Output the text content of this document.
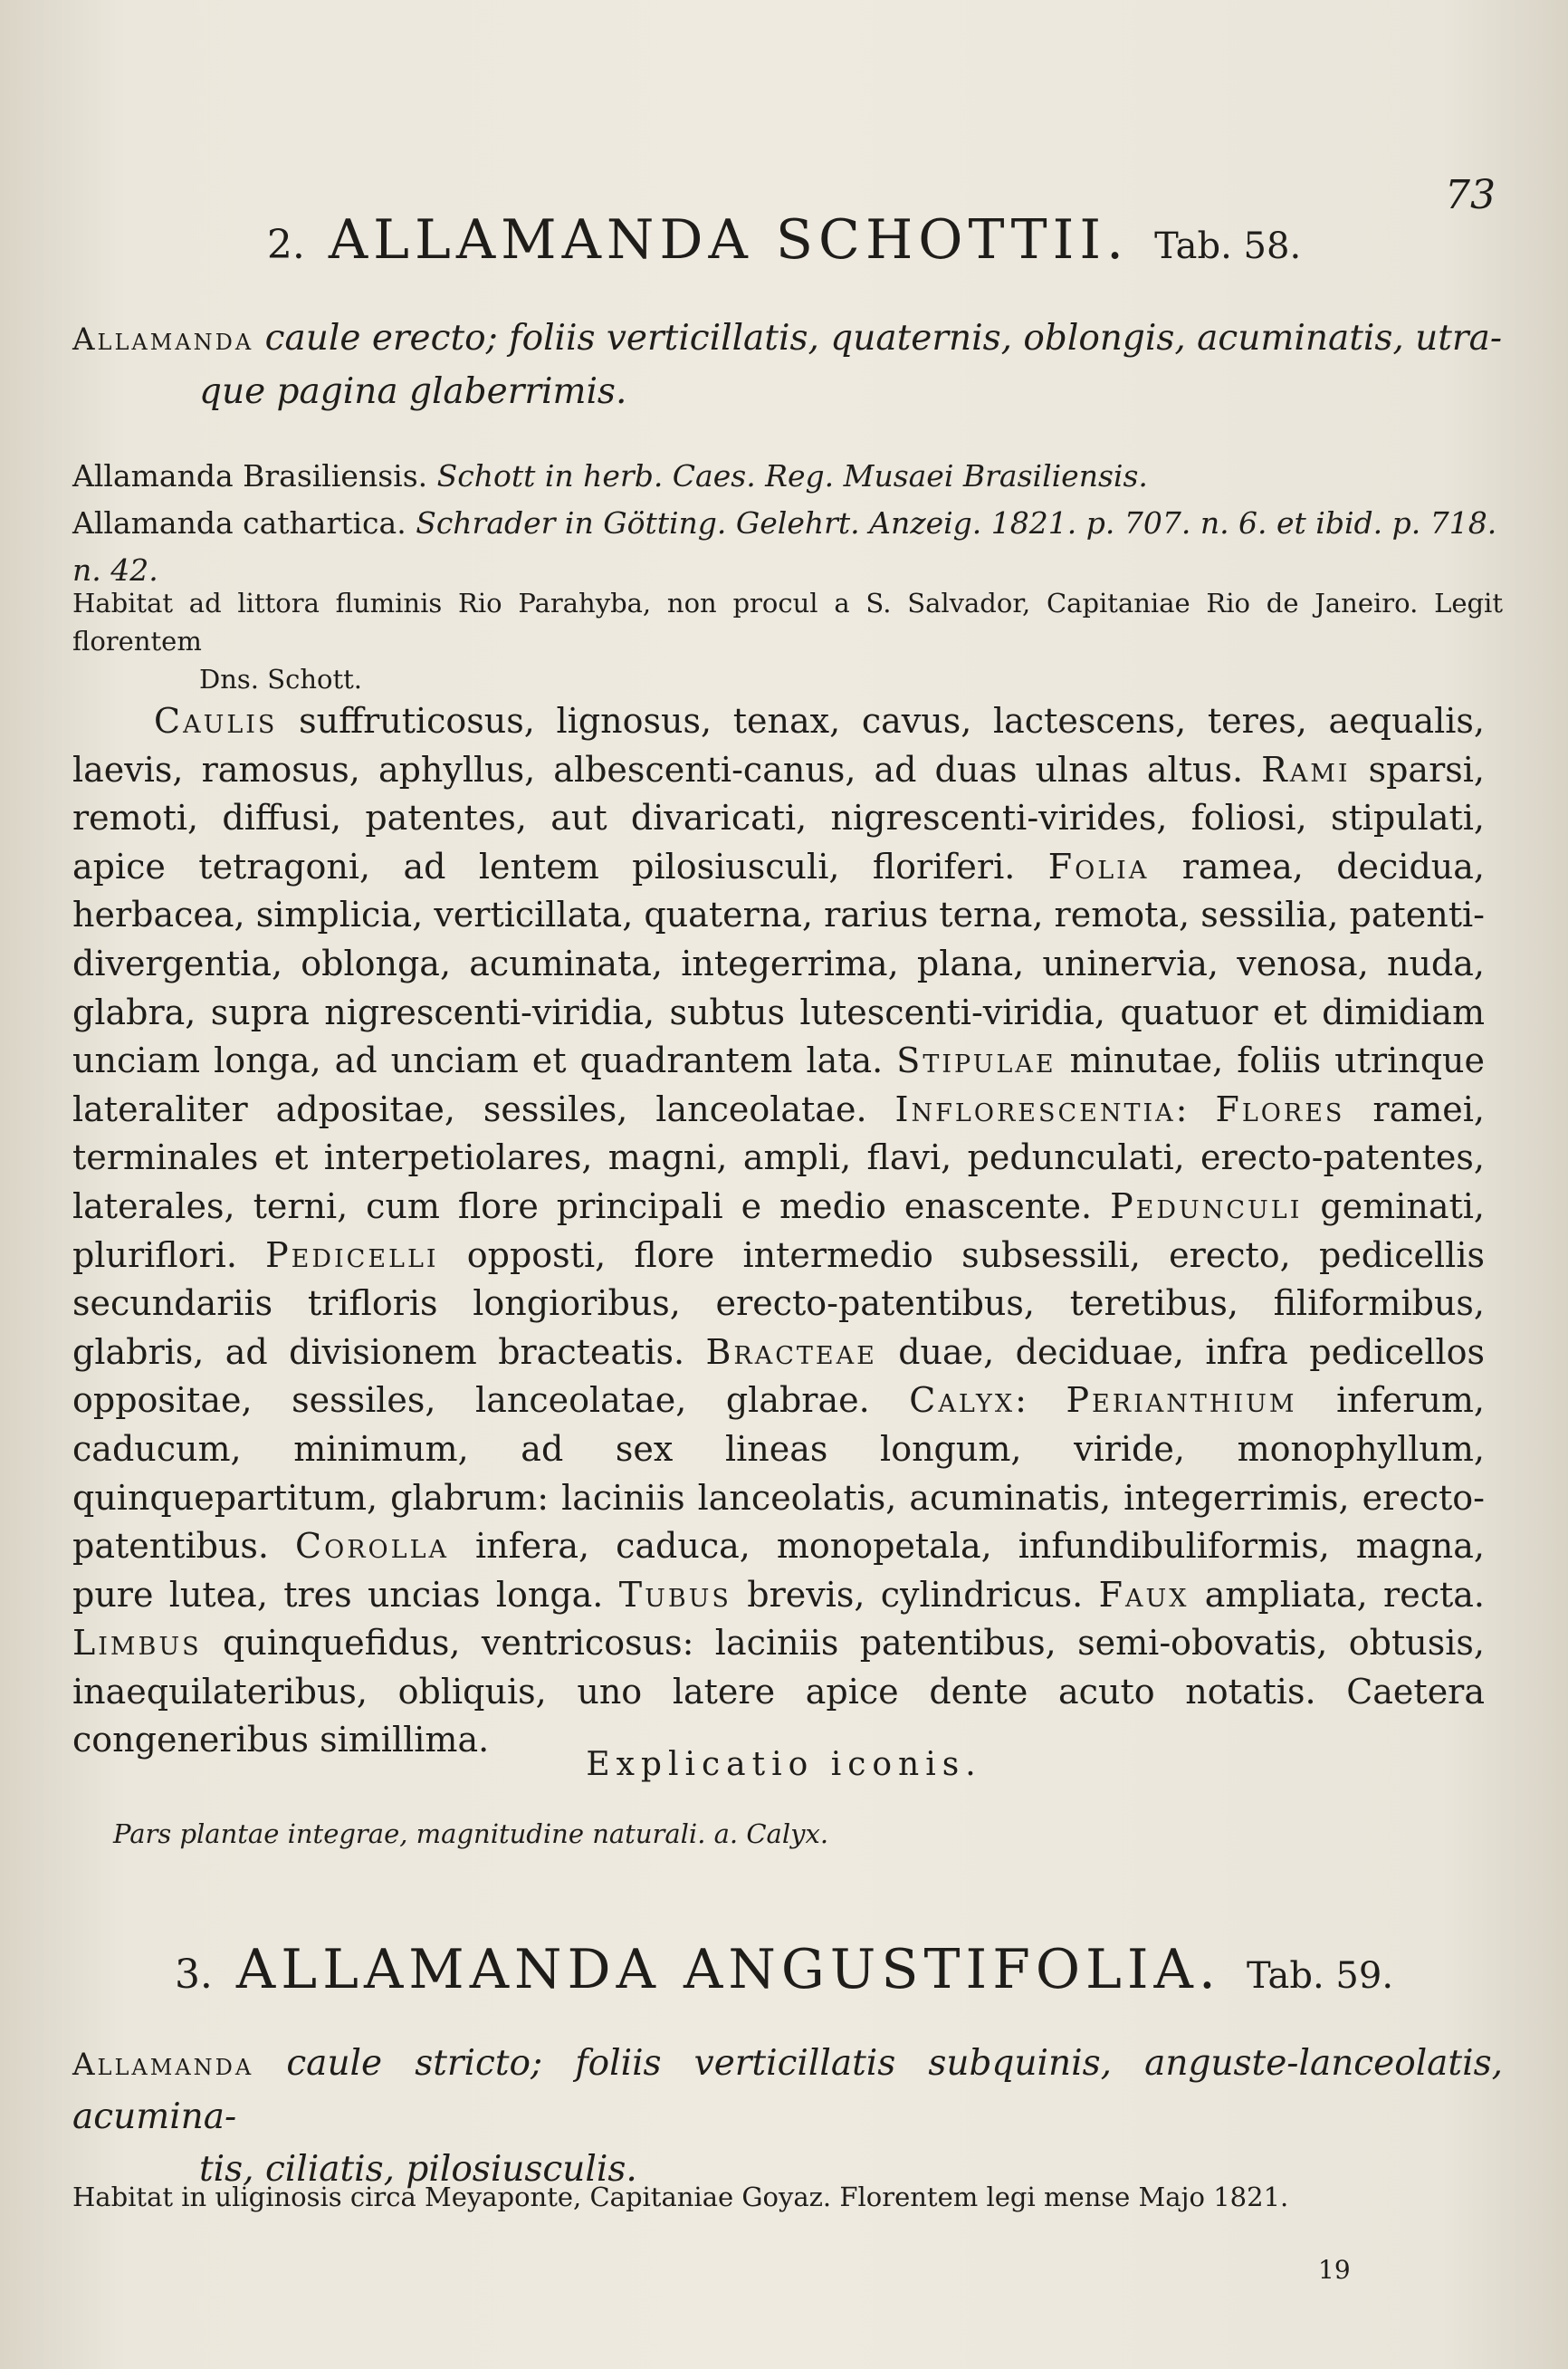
73
2. ALLAMANDA SCHOTTII. Tab. 58.
Allamanda caule erecto; foliis verticillatis, quaternis, oblongis, acuminatis, utra-
que pagina glaberrimis.
Allamanda Brasiliensis. Schott in herb. Caes. Reg. Musaei Brasiliensis.
Allamanda cathartica. Schrader in Götting. Gelehrt. Anzeig. 1821. p. 707. n. 6. et ibid. p. 718. n. 42.
Habitat ad littora fluminis Rio Parahyba, non procul a S. Salvador, Capitaniae Rio de Janeiro. Legit florentem
Dns. Schott.
Caulis suffruticosus, lignosus, tenax, cavus, lactescens, teres, aequalis, laevis, ramosus, aphyllus, albescenti-canus, ad duas ulnas altus. Rami sparsi, remoti, diffusi, patentes, aut divaricati, nigrescenti-virides, foliosi, stipulati, apice tetragoni, ad lentem pilosiusculi, floriferi. Folia ramea, decidua, herbacea, simplicia, verticillata, quaterna, rarius terna, remota, sessilia, patenti-divergentia, oblonga, acuminata, integerrima, plana, uninervia, venosa, nuda, glabra, supra nigrescenti-viridia, subtus lutescenti-viridia, quatuor et dimidiam unciam longa, ad unciam et quadrantem lata. Stipulae minutae, foliis utrinque lateraliter adpositae, sessiles, lanceolatae. Inflorescentia: Flores ramei, terminales et interpetiolares, magni, ampli, flavi, pedunculati, erecto-patentes, laterales, terni, cum flore principali e medio enascente. Pedunculi geminati, pluriflori. Pedicelli opposti, flore intermedio subsessili, erecto, pedicellis secundariis trifloris longioribus, erecto-patentibus, teretibus, filiformibus, glabris, ad divisionem bracteatis. Bracteae duae, deciduae, infra pedicellos oppositae, sessiles, lanceolatae, glabrae. Calyx: Perianthium inferum, caducum, minimum, ad sex lineas longum, viride, monophyllum, quinquepartitum, glabrum: laciniis lanceolatis, acuminatis, integerrimis, erecto-patentibus. Corolla infera, caduca, monopetala, infundibuliformis, magna, pure lutea, tres uncias longa. Tubus brevis, cylindricus. Faux ampliata, recta. Limbus quinquefidus, ventricosus: laciniis patentibus, semi-obovatis, obtusis, inaequilateribus, obliquis, uno latere apice dente acuto notatis. Caetera congeneribus simillima.
Explicatio iconis.
Pars plantae integrae, magnitudine naturali. a. Calyx.
3. ALLAMANDA ANGUSTIFOLIA. Tab. 59.
Allamanda caule stricto; foliis verticillatis subquinis, anguste-lanceolatis, acumina-
tis, ciliatis, pilosiusculis.
Habitat in uliginosis circa Meyaponte, Capitaniae Goyaz. Florentem legi mense Majo 1821.
19
